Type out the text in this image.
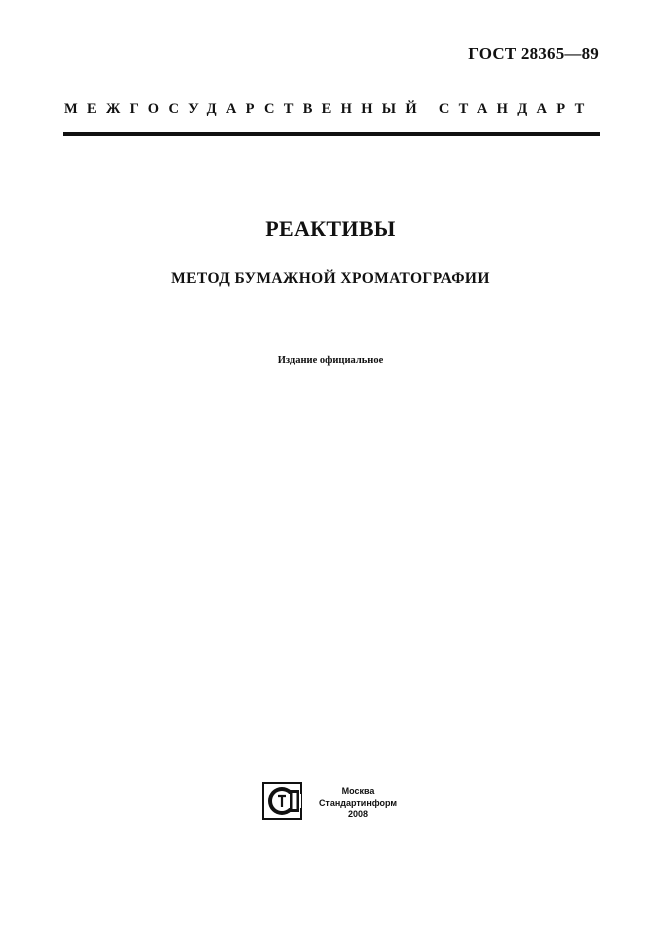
ГОСТ 28365—89
МЕЖГОСУДАРСТВЕННЫЙ СТАНДАРТ
РЕАКТИВЫ
МЕТОД БУМАЖНОЙ ХРОМАТОГРАФИИ
Издание официальное
Москва
Стандартинформ
2008
